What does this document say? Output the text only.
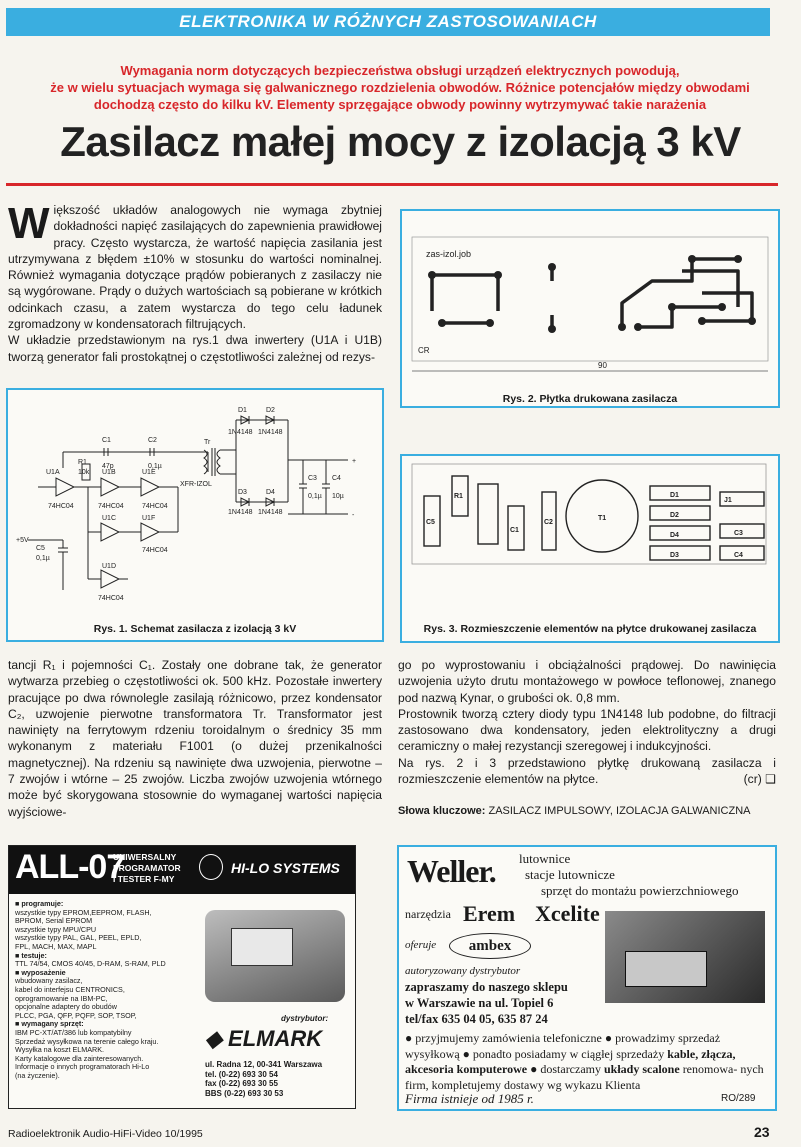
ELEKTRONIKA W RÓŻNYCH ZASTOSOWANIACH
Wymagania norm dotyczących bezpieczeństwa obsługi urządzeń elektrycznych powodują,
że w wielu sytuacjach wymaga się galwanicznego rozdzielenia obwodów. Różnice potencjałów między obwodami
dochodzą często do kilku kV. Elementy sprzęgające obwody powinny wytrzymywać takie narażenia
Zasilacz małej mocy z izolacją 3 kV
Większość układów analogowych nie wymaga zbytniej dokładności napięć zasilających do zapewnienia prawidłowej pracy. Często wystarcza, że wartość napięcia zasilania jest utrzymywana z błędem ±10% w stosunku do wartości nominalnej. Również wymagania dotyczące prądów pobieranych z zasilaczy nie są wygórowane. Prądy o dużych wartościach są pobierane w krótkich odcinkach czasu, a zatem wystarcza do tego celu ładunek zgromadzony w kondensatorach filtrujących.
W układzie przedstawionym na rys.1 dwa inwertery (U1A i U1B) tworzą generator fali prostokątnej o częstotliwości zależnej od rezys-
D1	D2
1N4148 1N4148
D3	D4
1N4148 1N4148
C1
47p
C2
0,1µ
C3
0,1µ
C4
10µ
C5
0,1µ
R1
10k
Tr
XFR-IZOL
U1A	U1B
U1C
U1D
U1E
U1F
74HC04	74HC04	74HC04
74HC04
74HC04
+5V
+
-
Rys. 1. Schemat zasilacza z izolacją 3 kV
zas-izol.job
CR
90
Rys. 2. Płytka drukowana zasilacza
T1
C3
C4
C5
C1
C2
R1
J1
D1
D2
D4
D3
Rys. 3. Rozmieszczenie elementów na płytce drukowanej zasilacza
tancji R₁ i pojemności C₁. Zostały one dobrane tak, że generator wytwarza przebieg o częstotliwości ok. 500 kHz. Pozostałe inwertery pracujące po dwa równolegle zasilają różnicowo, przez kondensator C₂, uzwojenie pierwotne transformatora Tr. Transformator jest nawinięty na ferrytowym rdzeniu toroidalnym o średnicy 35 mm wykonanym z materiału F1001 (o dużej przenikalności magnetycznej). Na rdzeniu są nawinięte dwa uzwojenia, pierwotne – 7 zwojów i wtórne – 25 zwojów. Liczba zwojów uzwojenia wtórnego może być skorygowana stosownie do wymaganej wartości napięcia wyjściowe-
go po wyprostowaniu i obciążalności prądowej. Do nawinięcia uzwojenia użyto drutu montażowego w powłoce teflonowej, znanego pod nazwą Kynar, o grubości ok. 0,8 mm.
Prostownik tworzą cztery diody typu 1N4148 lub podobne, do filtracji zastosowano dwa kondensatory, jeden elektrolityczny a drugi ceramiczny o małej rezystancji szeregowej i indukcyjności.
Na rys. 2 i 3 przedstawiono płytkę drukowaną zasilacza i rozmieszczenie elementów na płytce.	(cr) ❑
Słowa kluczowe: ZASILACZ IMPULSOWY, IZOLACJA GALWANICZNA
ALL-07
UNIWERSALNY
PROGRAMATOR
I TESTER F-MY
HI-LO SYSTEMS
■ programuje:
wszystkie typy EPROM,EEPROM, FLASH,
BPROM, Serial EPROM
wszystkie typy MPU/CPU
wszystkie typy PAL, GAL, PEEL, EPLD,
FPL, MACH, MAX, MAPL
■ testuje:
TTL 74/54, CMOS 40/45, D-RAM, S-RAM, PLD
■ wyposażenie
wbudowany zasilacz,
kabel do interfejsu CENTRONICS,
oprogramowanie na IBM-PC,
opcjonalne adaptery do obudów
PLCC, PGA, QFP, PQFP, SOP, TSOP,
■ wymagany sprzęt:
IBM PC-XT/AT/386 lub kompatybilny
Sprzedaż wysyłkowa na terenie całego kraju.
Wysyłka na koszt ELMARK.
Karty katalogowe dla zainteresowanych.
Informacje o innych programatorach Hi-Lo
(na życzenie).
dystrybutor:
◆ ELMARK
ul. Radna 12, 00-341 Warszawa
tel. (0-22) 693 30 54
fax (0-22) 693 30 55
BBS (0-22) 693 30 53
Weller. lutownice
stacje lutownicze
sprzęt do montażu powierzchniowego
narzędzia Erem Xcelite
oferuje	ambex
autoryzowany dystrybutor
zapraszamy do naszego sklepu
w Warszawie na ul. Topiel 6
tel/fax 635 04 05, 635 87 24
● przyjmujemy zamówienia telefoniczne ● prowadzimy sprzedaż wysyłkową ● ponadto posiadamy w ciągłej sprzedaży kable, złącza, akcesoria komputerowe ● dostarczamy układy scalone renomowa- nych firm, kompletujemy dostawy wg wykazu Klienta
Firma istnieje od 1985 r.	RO/289
Radioelektronik Audio-HiFi-Video 10/1995	23
